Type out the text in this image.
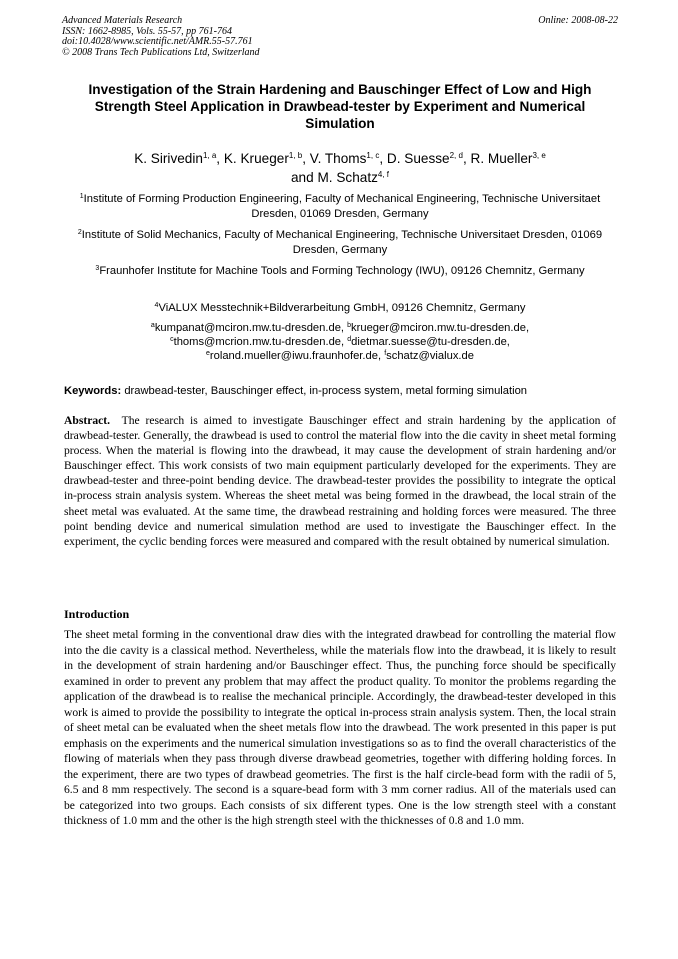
Advanced Materials Research
ISSN: 1662-8985, Vols. 55-57, pp 761-764
doi:10.4028/www.scientific.net/AMR.55-57.761
© 2008 Trans Tech Publications Ltd, Switzerland
Online: 2008-08-22
Investigation of the Strain Hardening and Bauschinger Effect of Low and High Strength Steel Application in Drawbead-tester by Experiment and Numerical Simulation
K. Sirivedin$^{1, a}$, K. Krueger$^{1, b}$, V. Thoms$^{1, c}$, D. Suesse$^{2, d}$, R. Mueller$^{3, e}$
and M. Schatz$^{4, f}$
$^1$Institute of Forming Production Engineering, Faculty of Mechanical Engineering, Technische Universitaet Dresden, 01069 Dresden, Germany
$^2$Institute of Solid Mechanics, Faculty of Mechanical Engineering, Technische Universitaet Dresden, 01069 Dresden, Germany
$^3$Fraunhofer Institute for Machine Tools and Forming Technology (IWU), 09126 Chemnitz, Germany
$^4$ViALUX Messtechnik+Bildverarbeitung GmbH, 09126 Chemnitz, Germany
$^a$kumpanat@mciron.mw.tu-dresden.de, $^b$krueger@mciron.mw.tu-dresden.de,
$^c$thoms@mcrion.mw.tu-dresden.de, $^d$dietmar.suesse@tu-dresden.de,
$^e$roland.mueller@iwu.fraunhofer.de, $^f$schatz@vialux.de
Keywords: drawbead-tester, Bauschinger effect, in-process system, metal forming simulation

Abstract. The research is aimed to investigate Bauschinger effect and strain hardening by the application of drawbead-tester. Generally, the drawbead is used to control the material flow into the die cavity in sheet metal forming process. When the material is flowing into the drawbead, it may cause the development of strain hardening and/or Bauschinger effect. This work consists of two main equipment particularly developed for the experiments. They are drawbead-tester and three-point bending device. The drawbead-tester provides the possibility to integrate the optical in-process strain analysis system. Whereas the sheet metal was being formed in the drawbead, the local strain of the sheet metal was evaluated. At the same time, the drawbead restraining and holding forces were measured. The three point bending device and numerical simulation method are used to investigate the Bauschinger effect. In the experiment, the cyclic bending forces were measured and compared with the result obtained by numerical simulation.

Introduction

The sheet metal forming in the conventional draw dies with the integrated drawbead for controlling the material flow into the die cavity is a classical method. Nevertheless, while the materials flow into the drawbead, it is likely to result in the development of strain hardening and/or Bauschinger effect. Thus, the punching force should be specifically examined in order to prevent any problem that may affect the product quality. To monitor the problems regarding the application of the drawbead is to realise the mechanical principle. Accordingly, the drawbead-tester developed in this work is aimed to provide the possibility to integrate the optical in-process strain analysis system. Then, the local strain of sheet metal can be evaluated when the sheet metals flow into the drawbead. The work presented in this paper is put emphasis on the experiments and the numerical simulation investigations so as to find the overall characteristics of the flowing of materials when they pass through diverse drawbead geometries, together with differing holding forces. In the experiment, there are two types of drawbead geometries. The first is the half circle-bead form with the radii of 5, 6.5 and 8 mm respectively. The second is a square-bead form with 3 mm corner radius. All of the materials used can be categorized into two groups. Each consists of six different types. One is the low strength steel with a constant thickness of 1.0 mm and the other is the high strength steel with the thicknesses of 0.8 and 1.0 mm.
